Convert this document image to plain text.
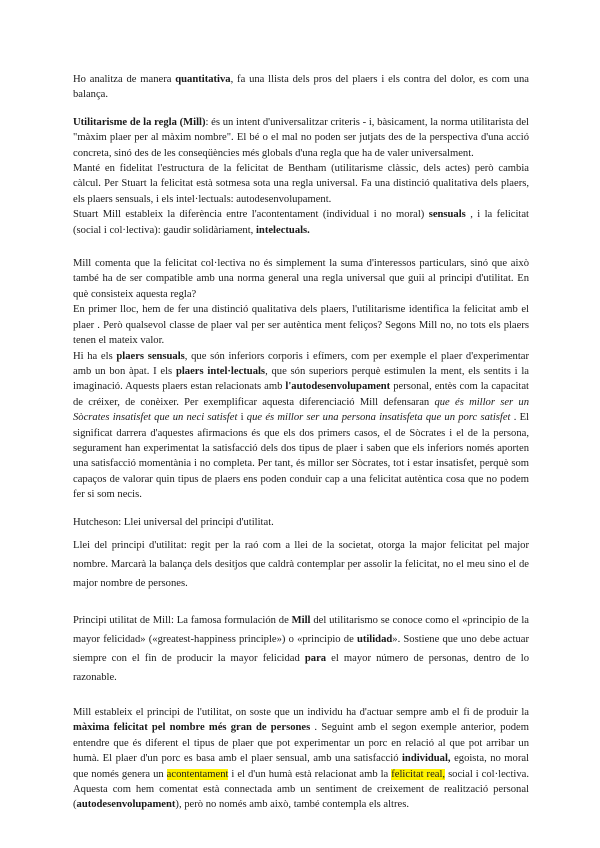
Ho analitza de manera quantitativa, fa una llista dels pros del plaers i els contra del dolor, es com una balança.

Utilitarisme de la regla (Mill): és un intent d'universalitzar criteris - i, bàsicament, la norma utilitarista del "màxim plaer per al màxim nombre". El bé o el mal no poden ser jutjats des de la perspectiva d'una acció concreta, sinó des de les conseqüències més globals d'una regla que ha de valer universalment.

Manté en fidelitat l'estructura de la felicitat de Bentham (utilitarisme clàssic, dels actes) però cambia càlcul. Per Stuart la felicitat està sotmesa sota una regla universal. Fa una distinció qualitativa dels plaers, els plaers sensuals, i els intel·lectuals: autodesenvolupament.

Stuart Mill estableix la diferència entre l'acontentament (individual i no moral) sensuals , i la felicitat (social i col·lectiva): gaudir solidàriament, intelectuals.

Mill comenta que la felicitat col·lectiva no és simplement la suma d'interessos particulars, sinó que això també ha de ser compatible amb una norma general una regla universal que guii al principi d'utilitat. En què consisteix aquesta regla?

En primer lloc, hem de fer una distinció qualitativa dels plaers, l'utilitarisme identifica la felicitat amb el plaer . Però qualsevol classe de plaer val per ser autèntica ment feliços? Segons Mill no, no tots els plaers tenen el mateix valor.

Hi ha els plaers sensuals, que són inferiors corporis i efímers, com per exemple el plaer d'experimentar amb un bon àpat. I els plaers intel·lectuals, que són superiors perquè estimulen la ment, els sentits i la imaginació. Aquests plaers estan relacionats amb l'autodesenvolupament personal, entès com la capacitat de créixer, de conèixer. Per exemplificar aquesta diferenciació Mill defensaran que és millor ser un Sòcrates insatisfet que un neci satisfet i que és millor ser una persona insatisfeta que un porc satisfet . El significat darrera d'aquestes afirmacions és que els dos primers casos, el de Sòcrates i el de la persona, segurament han experimentat la satisfacció dels dos tipus de plaer i saben que els inferiors només aporten una satisfacció momentània i no completa. Per tant, és millor ser Sòcrates, tot i estar insatisfet, perquè som capaços de valorar quin tipus de plaers ens poden conduir cap a una felicitat autèntica cosa que no podem fer si som necis.

Hutcheson: Llei universal del principi d'utilitat.

Llei del principi d'utilitat: regit per la raó com a llei de la societat, otorga la major felicitat pel major nombre. Marcarà la balança dels desitjos que caldrà contemplar per assolir la felicitat, no el meu sino el de major nombre de persones.

Principi utilitat de Mill: La famosa formulación de Mill del utilitarismo se conoce como el «principio de la mayor felicidad» («greatest-happiness principle») o «principio de utilidad». Sostiene que uno debe actuar siempre con el fin de producir la mayor felicidad para el mayor número de personas, dentro de lo razonable.

Mill estableix el principi de l'utilitat, on soste que un individu ha d'actuar sempre amb el fi de produir la màxima felicitat pel nombre més gran de persones . Seguint amb el segon exemple anterior, podem entendre que és diferent el tipus de plaer que pot experimentar un porc en relació al que pot arribar un humà. El plaer d'un porc es basa amb el plaer sensual, amb una satisfacció individual, egoista, no moral que només genera un acontentament i el d'un humà està relacionat amb la felicitat real, social i col·lectiva. Aquesta com hem comentat està connectada amb un sentiment de creixement de realització personal (autodesenvolupament), però no només amb això, també contempla els altres.
